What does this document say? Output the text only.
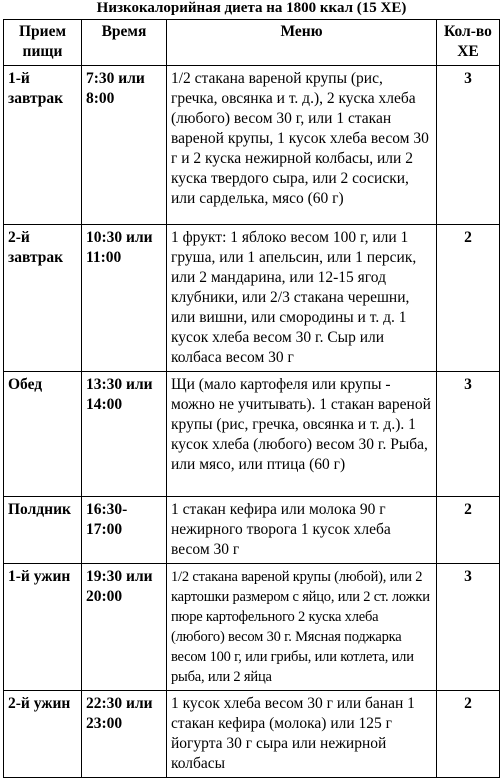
Низкокалорийная диета на 1800 ккал (15 ХЕ)
Прием пищи	Время	Меню	Кол-во ХЕ
1-й завтрак	7:30 или 8:00	1/2 стакана вареной крупы (рис, гречка, овсянка и т. д.), 2 куска хлеба (любого) весом 30 г, или 1 стакан вареной крупы, 1 кусок хлеба весом 30 г и 2 куска нежирной колбасы, или 2 куска твердого сыра, или 2 сосиски, или сарделька, мясо (60 г)	3
2-й завтрак	10:30 или 11:00	1 фрукт: 1 яблоко весом 100 г, или 1 груша, или 1 апельсин, или 1 персик, или 2 мандарина, или 12-15 ягод клубники, или 2/3 стакана черешни, или вишни, или смородины и т. д. 1 кусок хлеба весом 30 г. Сыр или колбаса весом 30 г	2
Обед	13:30 или 14:00	Щи (мало картофеля или крупы - можно не учитывать). 1 стакан вареной крупы (рис, гречка, овсянка и т. д.). 1 кусок хлеба (любого) весом 30 г. Рыба, или мясо, или птица (60 г)	3
Полдник	16:30-17:00	1 стакан кефира или молока 90 г нежирного творога 1 кусок хлеба весом 30 г	2
1-й ужин	19:30 или 20:00	1/2 стакана вареной крупы (любой), или 2 картошки размером с яйцо, или 2 ст. ложки пюре картофельного 2 куска хлеба (любого) весом 30 г. Мясная поджарка весом 100 г, или грибы, или котлета, или рыба, или 2 яйца	3
2-й ужин	22:30 или 23:00	1 кусок хлеба весом 30 г или банан 1 стакан кефира (молока) или 125 г йогурта 30 г сыра или нежирной колбасы	2
